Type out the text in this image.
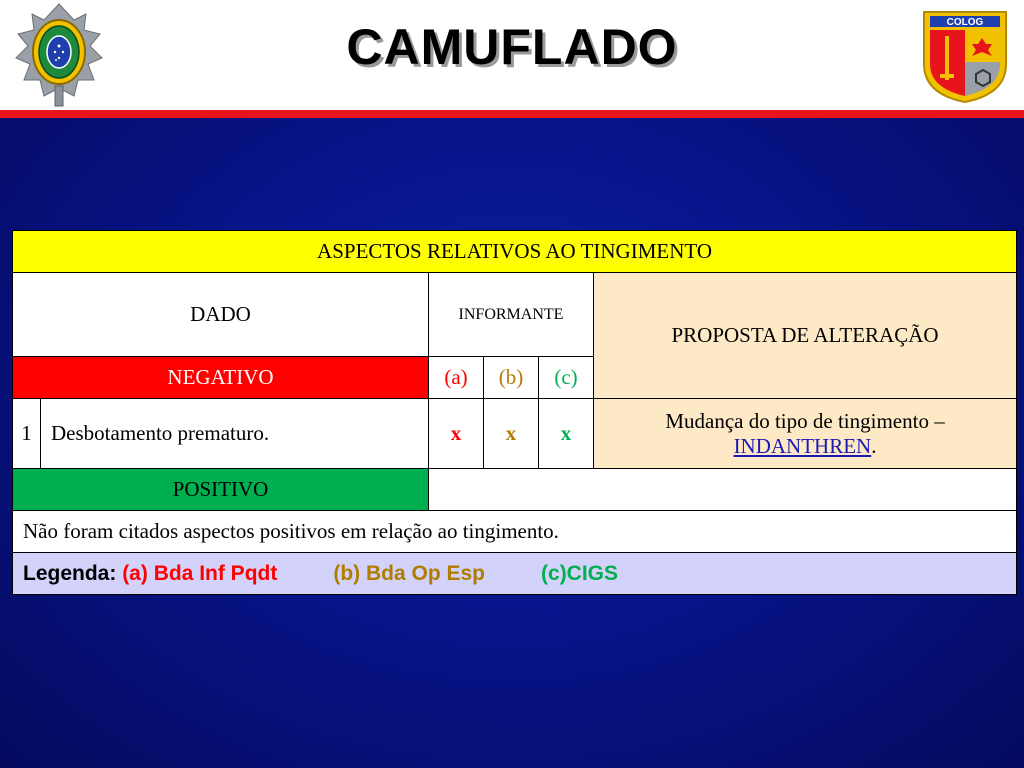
CAMUFLADO	COLOG
ASPECTOS RELATIVOS AO TINGIMENTO					
DADO		INFORMANTE			PROPOSTA DE ALTERAÇÃO
NEGATIVO		(a)	(b)	(c)	
1	Desbotamento prematuro.	x	x	x	Mudança do tipo de tingimento –
INDANTHREN.
POSITIVO					
Não foram citados aspectos positivos em relação ao tingimento.					
Legenda: (a) Bda Inf Pqdt (b) Bda Op Esp (c)CIGS					
